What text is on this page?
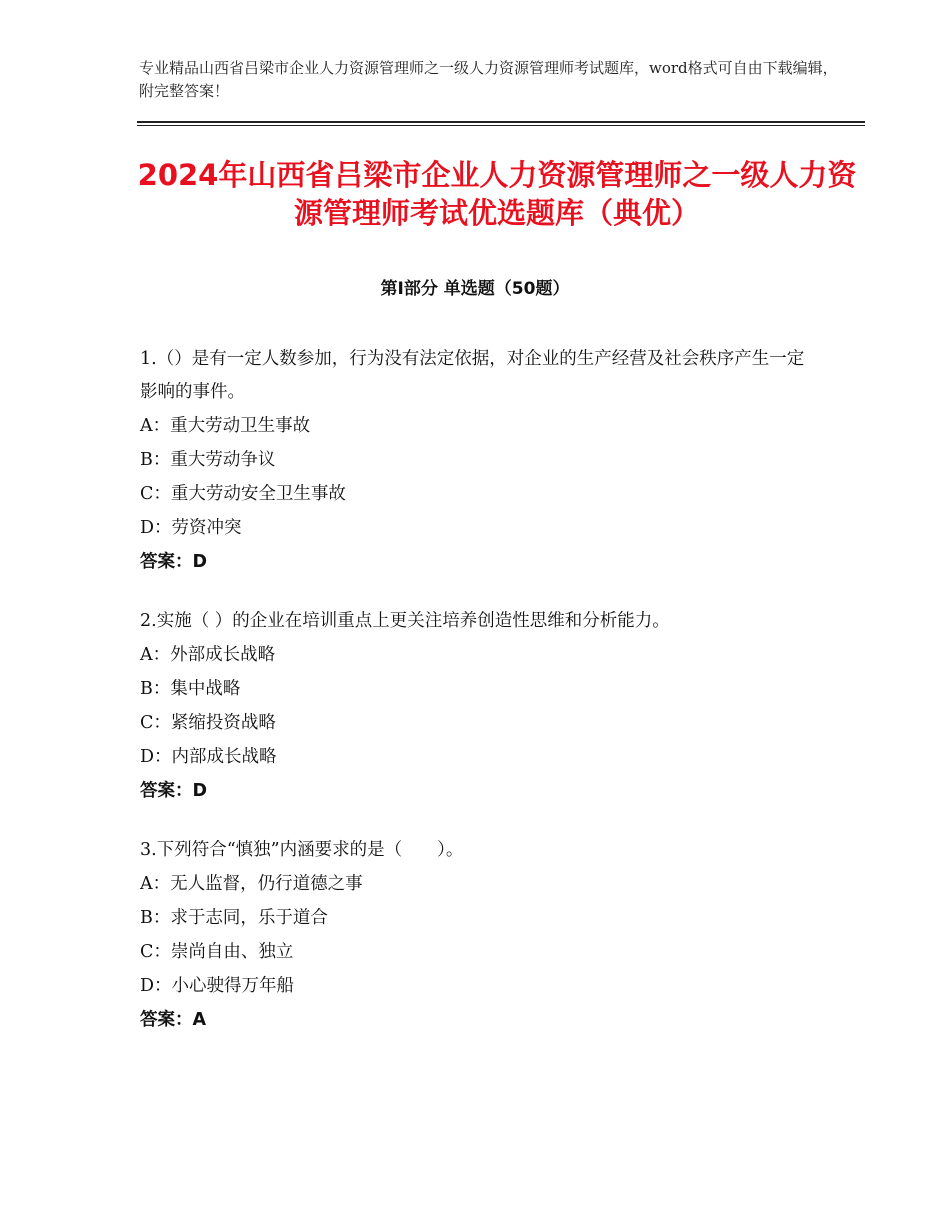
专业精品山西省吕梁市企业人力资源管理师之一级人力资源管理师考试题库，word格式可自由下载编辑，附完整答案！
2024年山西省吕梁市企业人力资源管理师之一级人力资源管理师考试优选题库（典优）
第Ⅰ部分 单选题（50题）
1.（）是有一定人数参加，行为没有法定依据，对企业的生产经营及社会秩序产生一定影响的事件。
A：重大劳动卫生事故
B：重大劳动争议
C：重大劳动安全卫生事故
D：劳资冲突
答案：D
2.实施（ ）的企业在培训重点上更关注培养创造性思维和分析能力。
A：外部成长战略
B：集中战略
C：紧缩投资战略
D：内部成长战略
答案：D
3.下列符合“慎独”内涵要求的是（　　）。
A：无人监督，仍行道德之事
B：求于志同，乐于道合
C：崇尚自由、独立
D：小心驶得万年船
答案：A
